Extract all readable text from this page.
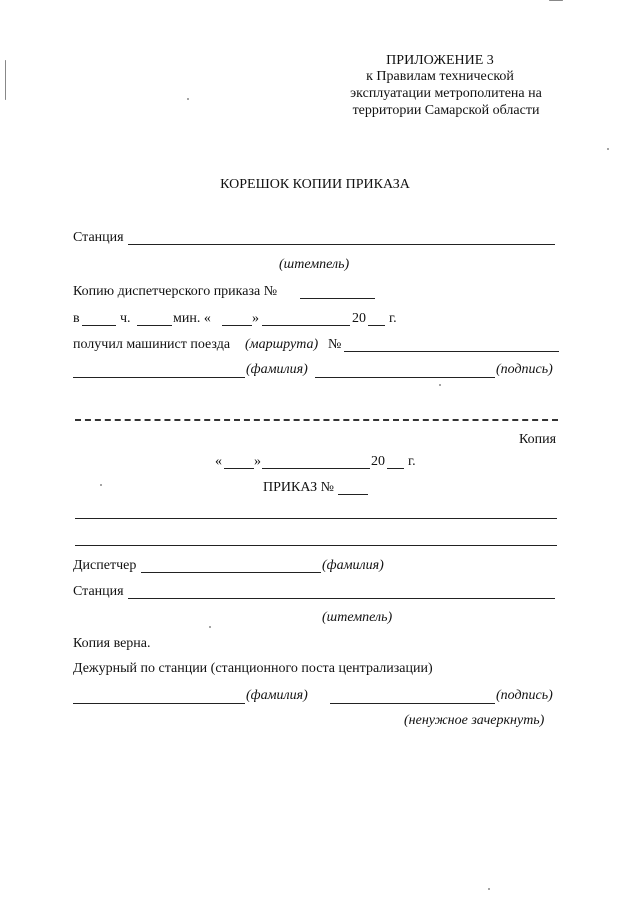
ПРИЛОЖЕНИЕ 3
к Правилам технической
эксплуатации метрополитена на
территории Самарской области
КОРЕШОК КОПИИ ПРИКАЗА
Станция
(штемпель)
Копию диспетчерского приказа №
в	ч.	мин. «	»	20 г.
получил машинист поезда (маршрута) №
(фамилия)	(подпись)
Копия
« »	20 г.
ПРИКАЗ №
Диспетчер	(фамилия)
Станция
(штемпель)
Копия верна.
Дежурный по станции (станционного поста централизации)
(фамилия)	(подпись)
(ненужное зачеркнуть)
